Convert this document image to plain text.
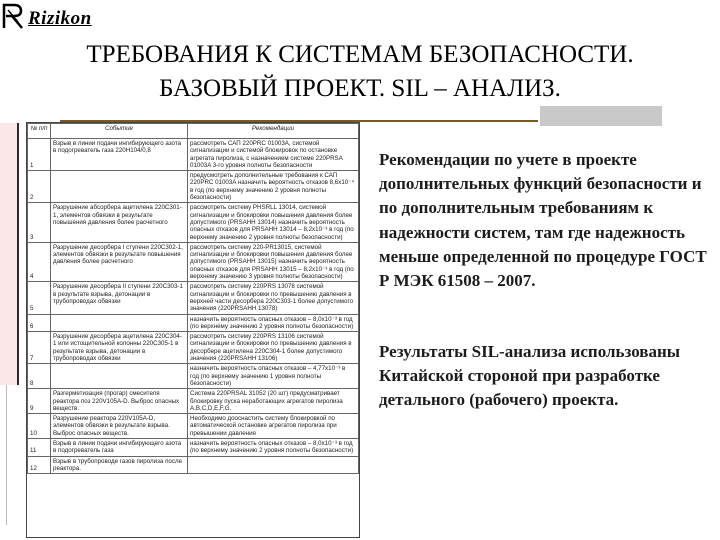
Rizikon
ТРЕБОВАНИЯ К СИСТЕМАМ БЕЗОПАСНОСТИ.
БАЗОВЫЙ ПРОЕКТ. SIL – АНАЛИЗ.
№ п/п	Событие	Рекомендации
1	Взрыв в линии подачи ингибирующего азота в подогреватель газа 220H104/0,8	рассмотреть САП 220PRC 01003A, системой сигнализации и системой блокировок по остановке агрегата пиролиза, с назначением системе 220PRSA 01003A 3-го уровня полноты безопасности
2		предусмотреть дополнительные требования к САП 220PRC 01003A назначить вероятность отказов 8,6х10⁻⁴ в год (по верхнему значению 2 уровня полноты безопасности)
3	Разрушение абсорбера ацетилена 220C301-1, элементов обвязки в результате повышения давления более расчетного	рассмотреть систему PHSRLL 13014, системой сигнализации и блокировки повышения давления более допустимого (PRSAHH 13014) назначить вероятность опасных отказов для PRSAHH 13014 – 8,2х10⁻³ в год (по верхнему значению 2 уровня полноты безопасности)
4	Разрушение десорбера I ступени 220C302-1, элементов обвязки в результате повышения давления более расчетного	рассмотреть систему 220-PR13015, системой сигнализации и блокировки повышения давления более допустимого (PRSAHH 13015) назначить вероятность опасных отказов для PRSAHH 13015 – 8,2х10⁻³ в год (по верхнему значению 3 уровня полноты безопасности)
5	Разрушение десорбера II ступени 220C303-1 в результате взрыва, детонации в трубопроводах обвязки	рассмотреть систему 220PRS 13078 системой сигнализации и блокировки по превышению давления в верхней части десорбера 220C303-1 более допустимого значения (220PRSAHH 13078)
6		назначить вероятность опасных отказов – 8,0х10⁻³ в год (по верхнему значению 2 уровня полноты безопасности)
7	Разрушение десорбера ацетилена 220C304-1 или истощительной колонны 220C305-1 в результате взрыва, детонации в трубопроводах обвязки	рассмотреть систему 220PRS 13106 системой сигнализации и блокировки по превышению давления в десорбере ацетилена 220C304-1 более допустимого значения (220PRSAHH 13106)
8		назначить вероятность опасных отказов – 4,77х10⁻³ в год (по верхнему значению 1 уровня полноты безопасности)
9	Разгерметизация (прогар) смесителя реактора поз 220V105A-D. Выброс опасных веществ.	Система 220PRSAL 31052 (20 шт) предусматривает блокировку пуска неработающих агрегатов пиролиза A,B,C,D,E,F,G.
10	Разрушение реактора 220V105A-D, элементов обвязки в результате взрыва. Выброс опасных веществ.	Необходимо дооснастить систему блокировкой по автоматической остановке агрегатов пиролиза при превышении давления
11	Взрыв в линии подачи ингибирующего азота в подогреватель газа	назначить вероятность опасных отказов – 8,0х10⁻³ в год (по верхнему значению 2 уровня полноты безопасности)
12	Взрыв в трубопроводе газов пиролиза после реактора.	
Рекомендации по учете в проекте дополнительных функций безопасности и по дополнительным требованиям к надежности систем, там где надежность меньше определенной по процедуре ГОСТ Р МЭК 61508 – 2007.
Результаты SIL-анализа использованы Китайской стороной при разработке детального (рабочего) проекта.
